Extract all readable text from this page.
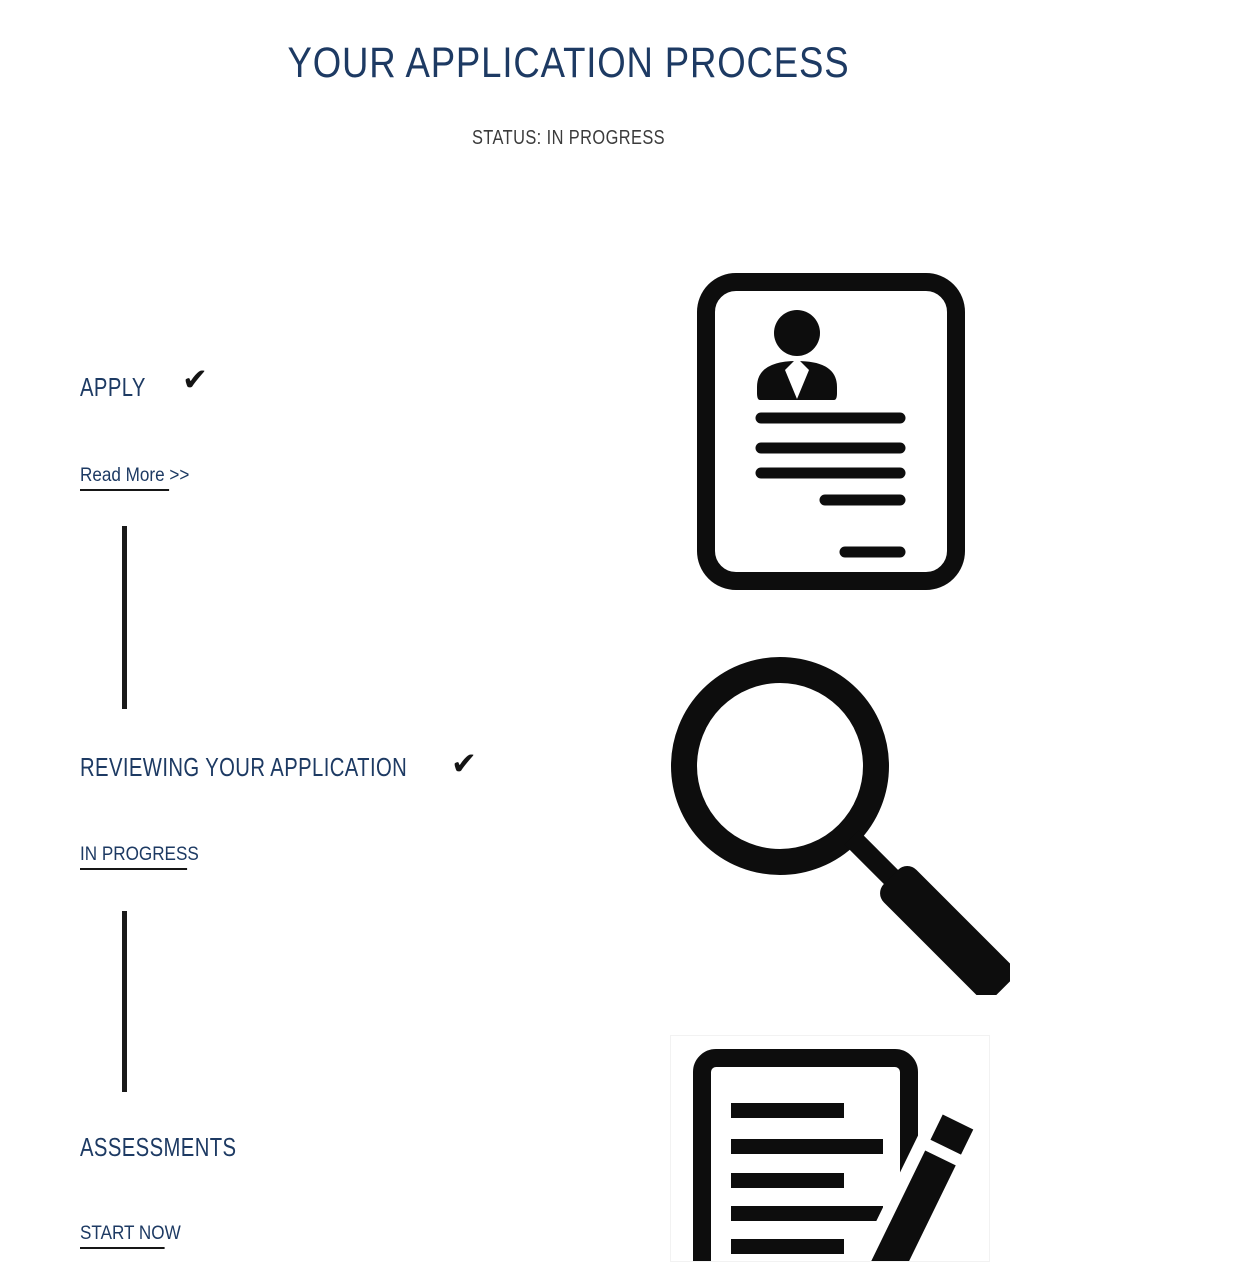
YOUR APPLICATION PROCESS
STATUS: IN PROGRESS
APPLY ✔
Read More >>
REVIEWING YOUR APPLICATION ✔
IN PROGRESS
ASSESSMENTS
START NOW
